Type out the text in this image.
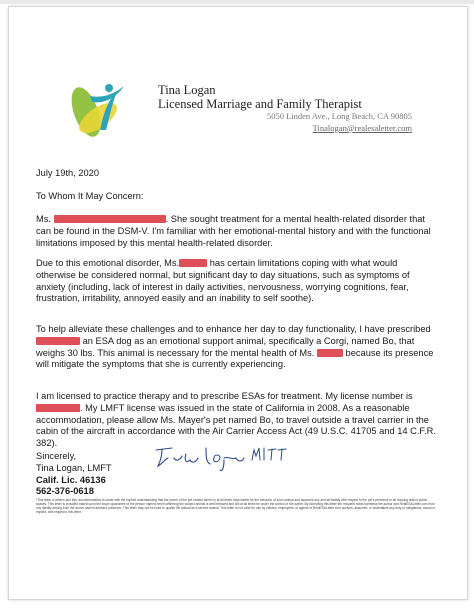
Tina Logan
Licensed Marriage and Family Therapist
5050 Linden Ave., Long Beach, CA 90805
Tinalogan@realesaletter.com
July 19th, 2020
To Whom It May Concern:
Ms.	. She sought treatment for a mental health-related disorder that can be found in the DSM-V. I'm familiar with her emotional-mental history and with the functional limitations imposed by this mental health-related disorder.
Due to this emotional disorder, Ms.	has certain limitations coping with what would otherwise be considered normal, but significant day to day situations, such as symptoms of anxiety (including, lack of interest in daily activities, nervousness, worrying cognitions, fear, frustration, irritability, annoyed easily and an inability to self soothe).
To help alleviate these challenges and to enhance her day to day functionality, I have prescribed  an ESA dog as an emotional support animal, specifically a Corgi, named Bo, that weighs 30 lbs. This animal is necessary for the mental health of Ms.	because its presence will mitigate the symptoms that she is currently experiencing.
I am licensed to practice therapy and to prescribe ESAs for treatment. My license number is . My LMFT license was issued in the state of California in 2008. As a reasonable accommodation, please allow Ms. Mayer's pet named Bo, to travel outside a travel carrier in the cabin of the aircraft in accordance with the Air Carrier Access Act (49 U.S.C. 41705 and 14 C.F.R. 382).
Sincerely,
Tina Logan, LMFT
Calif. Lic. 46136
562-376-0618
*This letter is written and this recommendation is made with the explicit understanding that the owner of the pet named herein is at all times responsible for the behavior of such animal and assumes any and all liability with respect to the pet's presence in all housing and/or public spaces. This letter is provided based upon the sworn guarantee of the person named herein affirming the subject animal is well behaved and will at all times be under the control of the owner. By accepting this letter the recipient holds harmless the author and RealESALetter.com from any liability arising from the above named animal's presence. This letter may not be used to qualify the animal as a service animal. This letter is not valid for use by officers, employees, or agents of RealESALetter.com accepts, assumes, or undertakes any duty or obligations, actual or implied, with regard to this letter.
